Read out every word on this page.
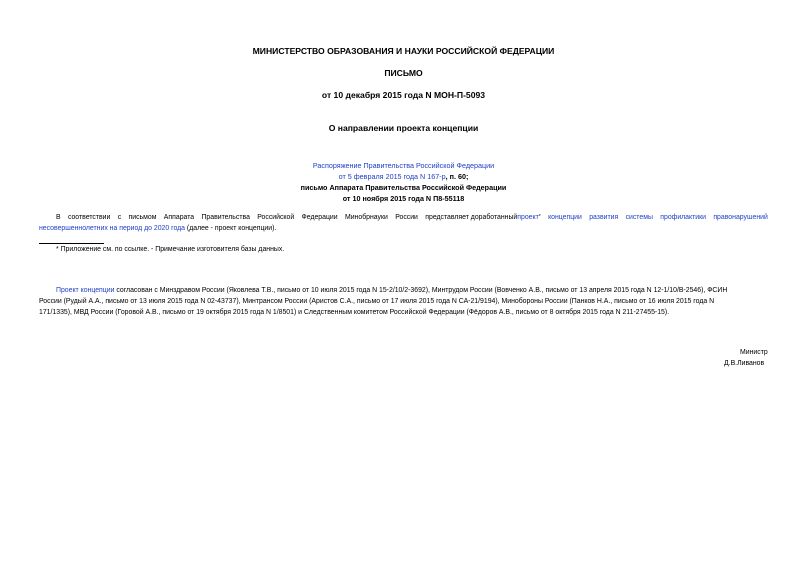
МИНИСТЕРСТВО ОБРАЗОВАНИЯ И НАУКИ РОССИЙСКОЙ ФЕДЕРАЦИИ
ПИСЬМО
от 10 декабря 2015 года N МОН-П-5093
О направлении проекта концепции
Распоряжение Правительства Российской Федерации
от 5 февраля 2015 года N 167-р, п. 60;
письмо Аппарата Правительства Российской Федерации
от 10 ноября 2015 года N П8-55118
В соответствии с письмом Аппарата Правительства Российской Федерации Минобрнауки России представляет доработанныйпроект* концепции развития системы профилактики правонарушений
несовершеннолетних на период до 2020 года (далее - проект концепции).
* Приложение см. по ссылке. - Примечание изготовителя базы данных.
Проект концепции согласован с Минздравом России (Яковлева Т.В., письмо от 10 июля 2015 года N 15-2/10/2-3692), Минтрудом России (Вовченко А.В., письмо от 13 апреля 2015 года N 12-1/10/В-2546), ФСИН
России (Рудый А.А., письмо от 13 июля 2015 года N 02-43737), Минтрансом России (Аристов С.А., письмо от 17 июля 2015 года N СА-21/9194), Минобороны России (Панков Н.А., письмо от 16 июля 2015 года N
171/1335), МВД России (Горовой А.В., письмо от 19 октября 2015 года N 1/8501) и Следственным комитетом Российской Федерации (Фёдоров А.В., письмо от 8 октября 2015 года N 211-27455-15).
Министр
Д.В.Ливанов
